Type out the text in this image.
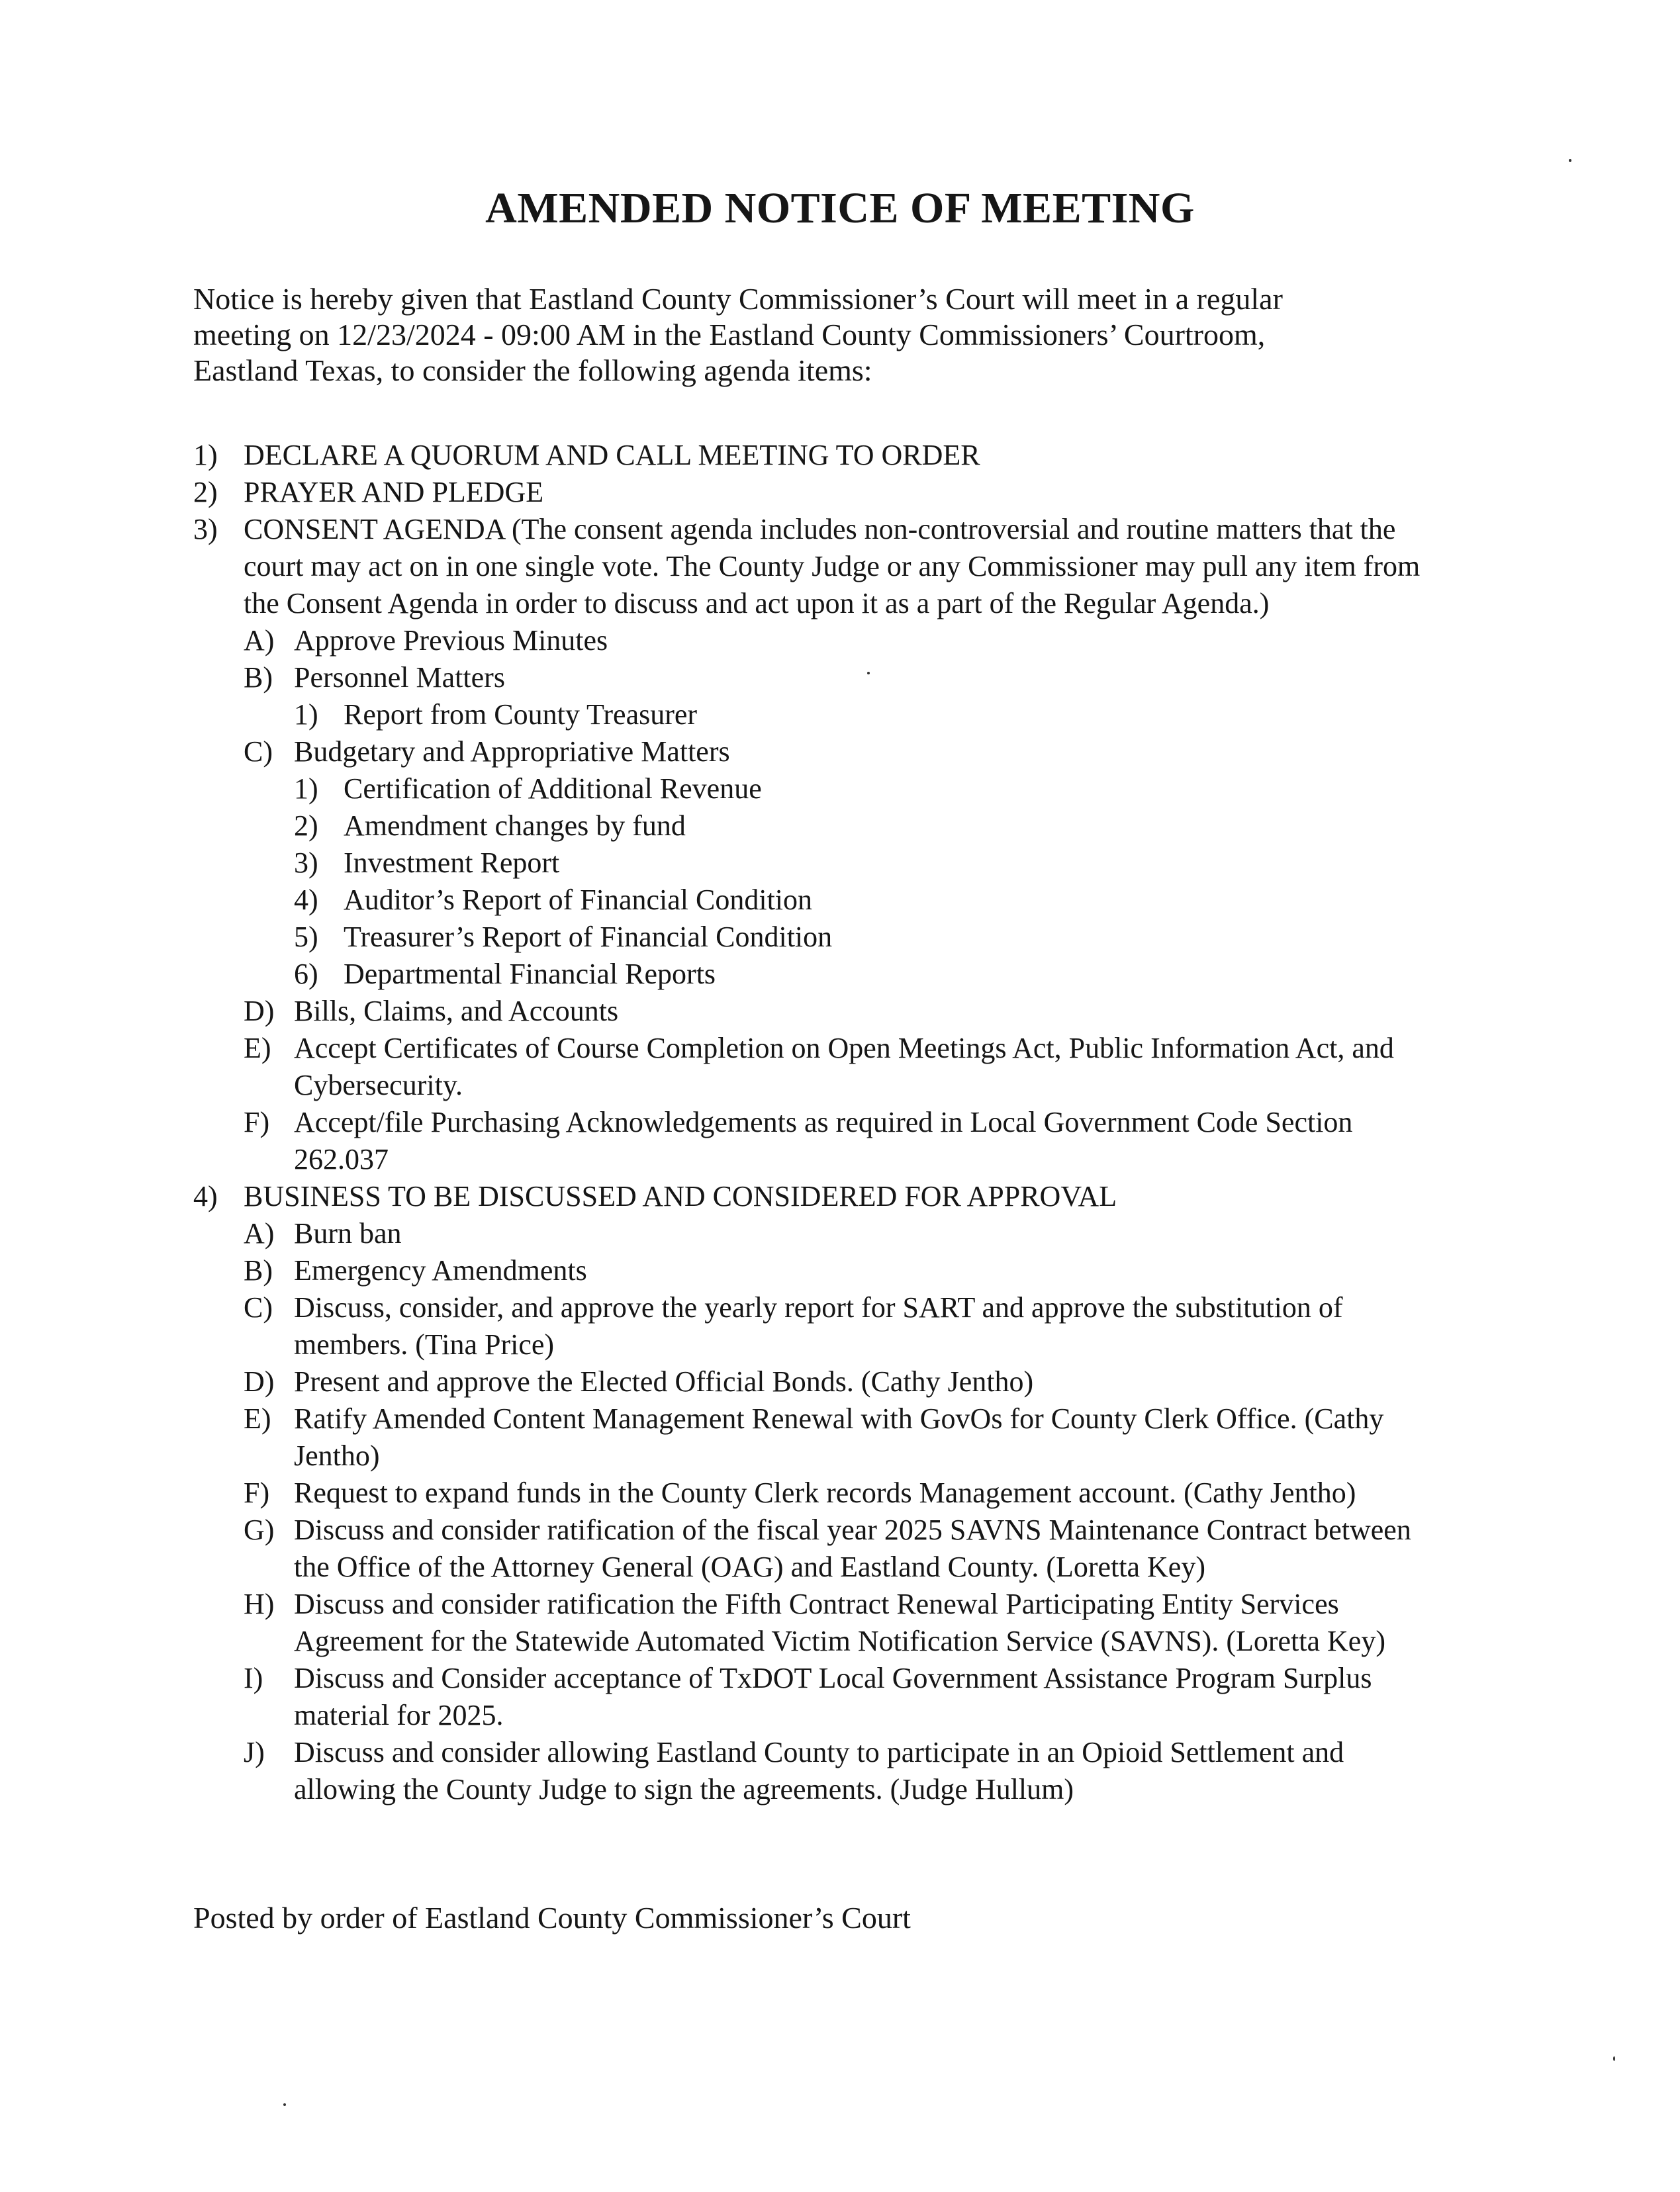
AMENDED NOTICE OF MEETING
Notice is hereby given that Eastland County Commissioner’s Court will meet in a regular
meeting on 12/23/2024 - 09:00 AM in the Eastland County Commissioners’ Courtroom,
Eastland Texas, to consider the following agenda items:
1) DECLARE A QUORUM AND CALL MEETING TO ORDER
2) PRAYER AND PLEDGE
3) CONSENT AGENDA (The consent agenda includes non-controversial and routine matters that the
court may act on in one single vote. The County Judge or any Commissioner may pull any item from
the Consent Agenda in order to discuss and act upon it as a part of the Regular Agenda.)
A) Approve Previous Minutes
B) Personnel Matters
1) Report from County Treasurer
C) Budgetary and Appropriative Matters
1) Certification of Additional Revenue
2) Amendment changes by fund
3) Investment Report
4) Auditor’s Report of Financial Condition
5) Treasurer’s Report of Financial Condition
6) Departmental Financial Reports
D) Bills, Claims, and Accounts
E) Accept Certificates of Course Completion on Open Meetings Act, Public Information Act, and
Cybersecurity.
F) Accept/file Purchasing Acknowledgements as required in Local Government Code Section
262.037
4) BUSINESS TO BE DISCUSSED AND CONSIDERED FOR APPROVAL
A) Burn ban
B) Emergency Amendments
C) Discuss, consider, and approve the yearly report for SART and approve the substitution of
members. (Tina Price)
D) Present and approve the Elected Official Bonds. (Cathy Jentho)
E) Ratify Amended Content Management Renewal with GovOs for County Clerk Office. (Cathy
Jentho)
F) Request to expand funds in the County Clerk records Management account. (Cathy Jentho)
G) Discuss and consider ratification of the fiscal year 2025 SAVNS Maintenance Contract between
the Office of the Attorney General (OAG) and Eastland County. (Loretta Key)
H) Discuss and consider ratification the Fifth Contract Renewal Participating Entity Services
Agreement for the Statewide Automated Victim Notification Service (SAVNS). (Loretta Key)
I) Discuss and Consider acceptance of TxDOT Local Government Assistance Program Surplus
material for 2025.
J) Discuss and consider allowing Eastland County to participate in an Opioid Settlement and
allowing the County Judge to sign the agreements. (Judge Hullum)
Posted by order of Eastland County Commissioner’s Court
